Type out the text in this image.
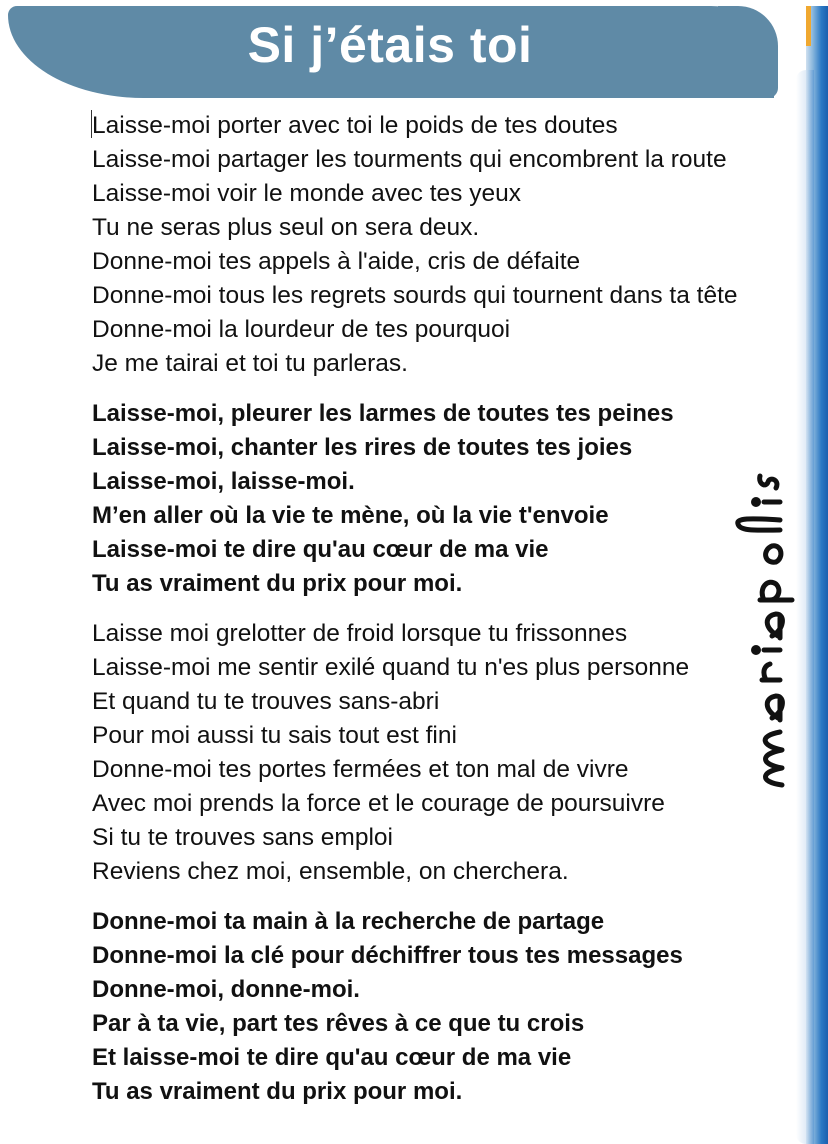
Si j’étais toi
Laisse-moi porter avec toi le poids de tes doutes
Laisse-moi partager les tourments qui encombrent la route
Laisse-moi voir le monde avec tes yeux
Tu ne seras plus seul on sera deux.
Donne-moi tes appels à l'aide, cris de défaite
Donne-moi tous les regrets sourds qui tournent dans ta tête
Donne-moi la lourdeur de tes pourquoi
Je me tairai et toi tu parleras.
Laisse-moi, pleurer les larmes de toutes tes peines
Laisse-moi, chanter les rires de toutes tes joies
Laisse-moi, laisse-moi.
M’en aller où la vie te mène, où la vie t'envoie
Laisse-moi te dire qu'au cœur de ma vie
Tu as vraiment du prix pour moi.
Laisse moi grelotter de froid lorsque tu frissonnes
Laisse-moi me sentir exilé quand tu n'es plus personne
Et quand tu te trouves sans-abri
Pour moi aussi tu sais tout est fini
Donne-moi tes portes fermées et ton mal de vivre
Avec moi prends la force et le courage de poursuivre
Si tu te trouves sans emploi
Reviens chez moi, ensemble, on cherchera.
Donne-moi ta main à la recherche de partage
Donne-moi la clé pour déchiffrer tous tes messages
Donne-moi, donne-moi.
Par à ta vie, part tes rêves à ce que tu crois
Et laisse-moi te dire qu'au cœur de ma vie
Tu as vraiment du prix pour moi.
